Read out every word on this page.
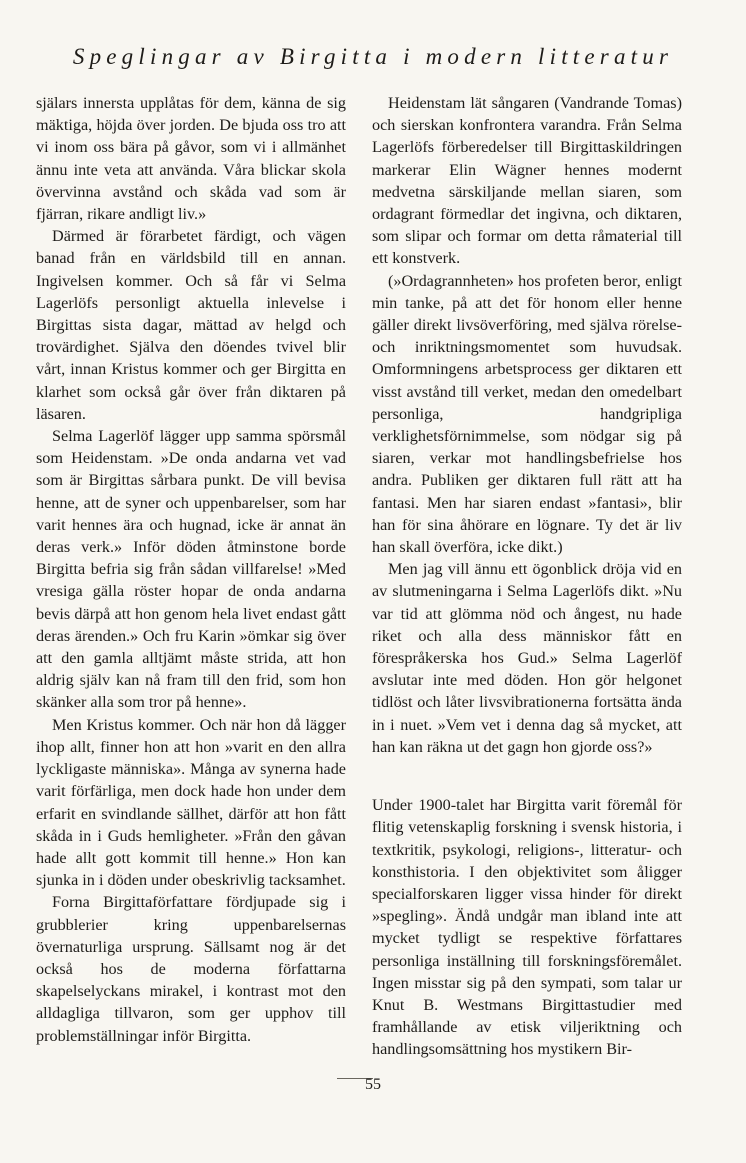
Speglingar av Birgitta i modern litteratur

själars innersta upplåtas för dem, känna de sig mäktiga, höjda över jorden. De bjuda oss tro att vi inom oss bära på gåvor, som vi i allmänhet ännu inte veta att använda. Våra blickar skola övervinna avstånd och skåda vad som är fjärran, rikare andligt liv.»

Därmed är förarbetet färdigt, och vägen banad från en världsbild till en annan. Ingivelsen kommer. Och så får vi Selma Lagerlöfs personligt aktuella inlevelse i Birgittas sista dagar, mättad av helgd och trovärdighet. Själva den döendes tvivel blir vårt, innan Kristus kommer och ger Birgitta en klarhet som också går över från diktaren på läsaren.

Selma Lagerlöf lägger upp samma spörsmål som Heidenstam. »De onda andarna vet vad som är Birgittas sårbara punkt. De vill bevisa henne, att de syner och uppenbarelser, som har varit hennes ära och hugnad, icke är annat än deras verk.» Inför döden åtminstone borde Birgitta befria sig från sådan villfarelse! »Med vresiga gälla röster hopar de onda andarna bevis därpå att hon genom hela livet endast gått deras ärenden.» Och fru Karin »ömkar sig över att den gamla alltjämt måste strida, att hon aldrig själv kan nå fram till den frid, som hon skänker alla som tror på henne».

Men Kristus kommer. Och när hon då lägger ihop allt, finner hon att hon »varit en den allra lyckligaste människa». Många av synerna hade varit förfärliga, men dock hade hon under dem erfarit en svindlande sällhet, därför att hon fått skåda in i Guds hemligheter. »Från den gåvan hade allt gott kommit till henne.» Hon kan sjunka in i döden under obeskrivlig tacksamhet.

Forna Birgittaförfattare fördjupade sig i grubblerier kring uppenbarelsernas övernaturliga ursprung. Sällsamt nog är det också hos de moderna författarna skapelselyckans mirakel, i kontrast mot den alldagliga tillvaron, som ger upphov till problemställningar inför Birgitta.

Heidenstam lät sångaren (Vandrande Tomas) och sierskan konfrontera varandra. Från Selma Lagerlöfs förberedelser till Birgittaskildringen markerar Elin Wägner hennes modernt medvetna särskiljande mellan siaren, som ordagrant förmedlar det ingivna, och diktaren, som slipar och formar om detta råmaterial till ett konstverk.

(»Ordagrannheten» hos profeten beror, enligt min tanke, på att det för honom eller henne gäller direkt livsöverföring, med själva rörelse- och inriktningsmomentet som huvudsak. Omformningens arbetsprocess ger diktaren ett visst avstånd till verket, medan den omedelbart personliga, handgripliga verklighetsförnimmelse, som nödgar sig på siaren, verkar mot handlingsbefrielse hos andra. Publiken ger diktaren full rätt att ha fantasi. Men har siaren endast »fantasi», blir han för sina åhörare en lögnare. Ty det är liv han skall överföra, icke dikt.)

Men jag vill ännu ett ögonblick dröja vid en av slutmeningarna i Selma Lagerlöfs dikt. »Nu var tid att glömma nöd och ångest, nu hade riket och alla dess människor fått en förespråkerska hos Gud.» Selma Lagerlöf avslutar inte med döden. Hon gör helgonet tidlöst och låter livsvibrationerna fortsätta ända in i nuet. »Vem vet i denna dag så mycket, att han kan räkna ut det gagn hon gjorde oss?»

Under 1900-talet har Birgitta varit föremål för flitig vetenskaplig forskning i svensk historia, i textkritik, psykologi, religions-, litteratur- och konsthistoria. I den objektivitet som åligger specialforskaren ligger vissa hinder för direkt »spegling». Ändå undgår man ibland inte att mycket tydligt se respektive författares personliga inställning till forskningsföremålet. Ingen misstar sig på den sympati, som talar ur Knut B. Westmans Birgittastudier med framhållande av etisk viljeriktning och handlingsomsättning hos mystikern Bir-

55
